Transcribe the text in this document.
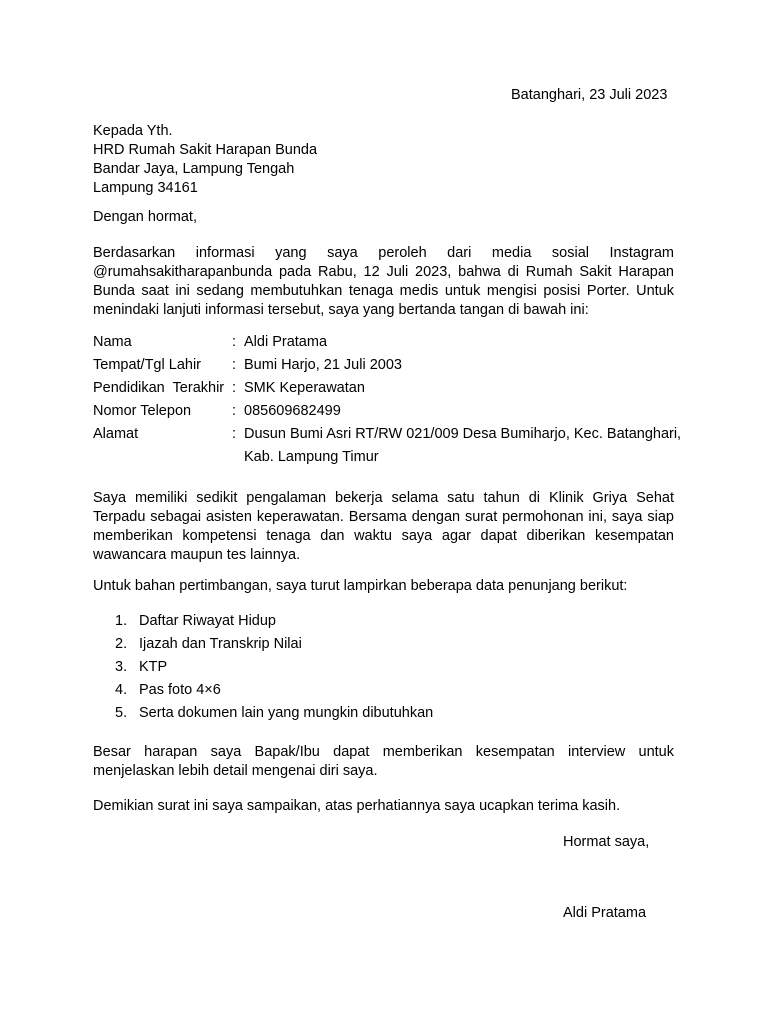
Batanghari, 23 Juli 2023
Kepada Yth.
HRD Rumah Sakit Harapan Bunda
Bandar Jaya, Lampung Tengah
Lampung 34161
Dengan hormat,

Berdasarkan informasi yang saya peroleh dari media sosial Instagram @rumahsakitharapanbunda pada Rabu, 12 Juli 2023, bahwa di Rumah Sakit Harapan Bunda saat ini sedang membutuhkan tenaga medis untuk mengisi posisi Porter. Untuk menindaki lanjuti informasi tersebut, saya yang bertanda tangan di bawah ini:

Nama	: Aldi Pratama
Tempat/Tgl Lahir : Bumi Harjo, 21 Juli 2003
Pendidikan  Terakhir : SMK Keperawatan
Nomor Telepon	: 085609682499
Alamat	: Dusun Bumi Asri RT/RW 021/009 Desa Bumiharjo, Kec. Batanghari, Kab. Lampung Timur

Saya memiliki sedikit pengalaman bekerja selama satu tahun di Klinik Griya Sehat Terpadu sebagai asisten keperawatan. Bersama dengan surat permohonan ini, saya siap memberikan kompetensi tenaga dan waktu saya agar dapat diberikan kesempatan wawancara maupun tes lainnya.

Untuk bahan pertimbangan, saya turut lampirkan beberapa data penunjang berikut:
1. Daftar Riwayat Hidup
2. Ijazah dan Transkrip Nilai
3. KTP
4. Pas foto 4×6
5. Serta dokumen lain yang mungkin dibutuhkan

Besar harapan saya Bapak/Ibu dapat memberikan kesempatan interview untuk menjelaskan lebih detail mengenai diri saya.

Demikian surat ini saya sampaikan, atas perhatiannya saya ucapkan terima kasih.
Hormat saya,
Aldi Pratama
